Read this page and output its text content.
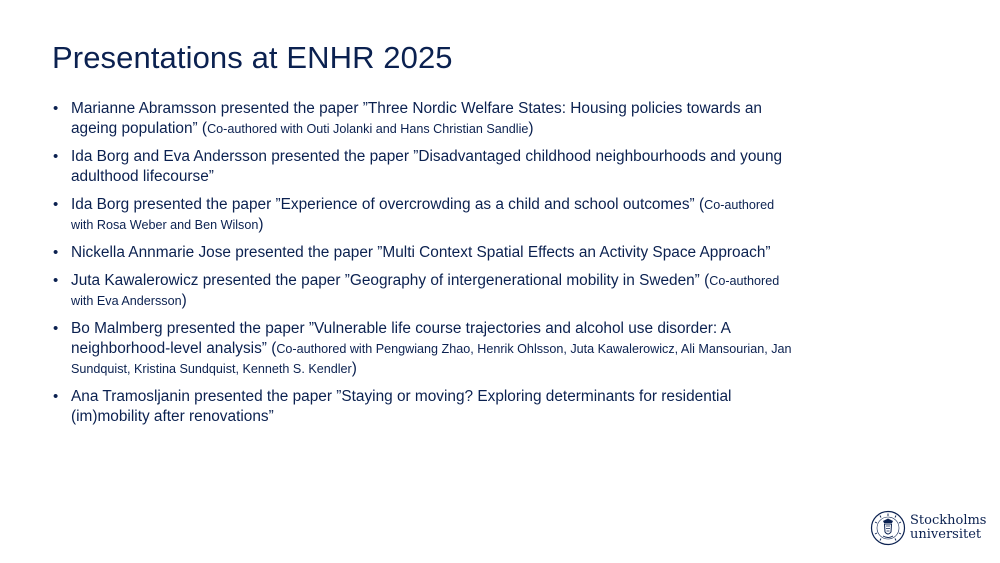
Presentations at ENHR 2025
• Marianne Abramsson presented the paper ”Three Nordic Welfare States: Housing policies towards an ageing population” (Co-authored with Outi Jolanki and Hans Christian Sandlie)
• Ida Borg and Eva Andersson presented the paper ”Disadvantaged childhood neighbourhoods and young adulthood lifecourse”
• Ida Borg presented the paper ”Experience of overcrowding as a child and school outcomes” (Co-authored with Rosa Weber and Ben Wilson)
• Nickella Annmarie Jose presented the paper ”Multi Context Spatial Effects an Activity Space Approach”
• Juta Kawalerowicz presented the paper ”Geography of intergenerational mobility in Sweden” (Co-authored with Eva Andersson)
• Bo Malmberg presented the paper ”Vulnerable life course trajectories and alcohol use disorder: A neighborhood-level analysis” (Co-authored with Pengwiang Zhao, Henrik Ohlsson, Juta Kawalerowicz, Ali Mansourian, Jan Sundquist, Kristina Sundquist, Kenneth S. Kendler)
• Ana Tramosljanin presented the paper ”Staying or moving? Exploring determinants for residential (im)mobility after renovations”
Stockholms
universitet
